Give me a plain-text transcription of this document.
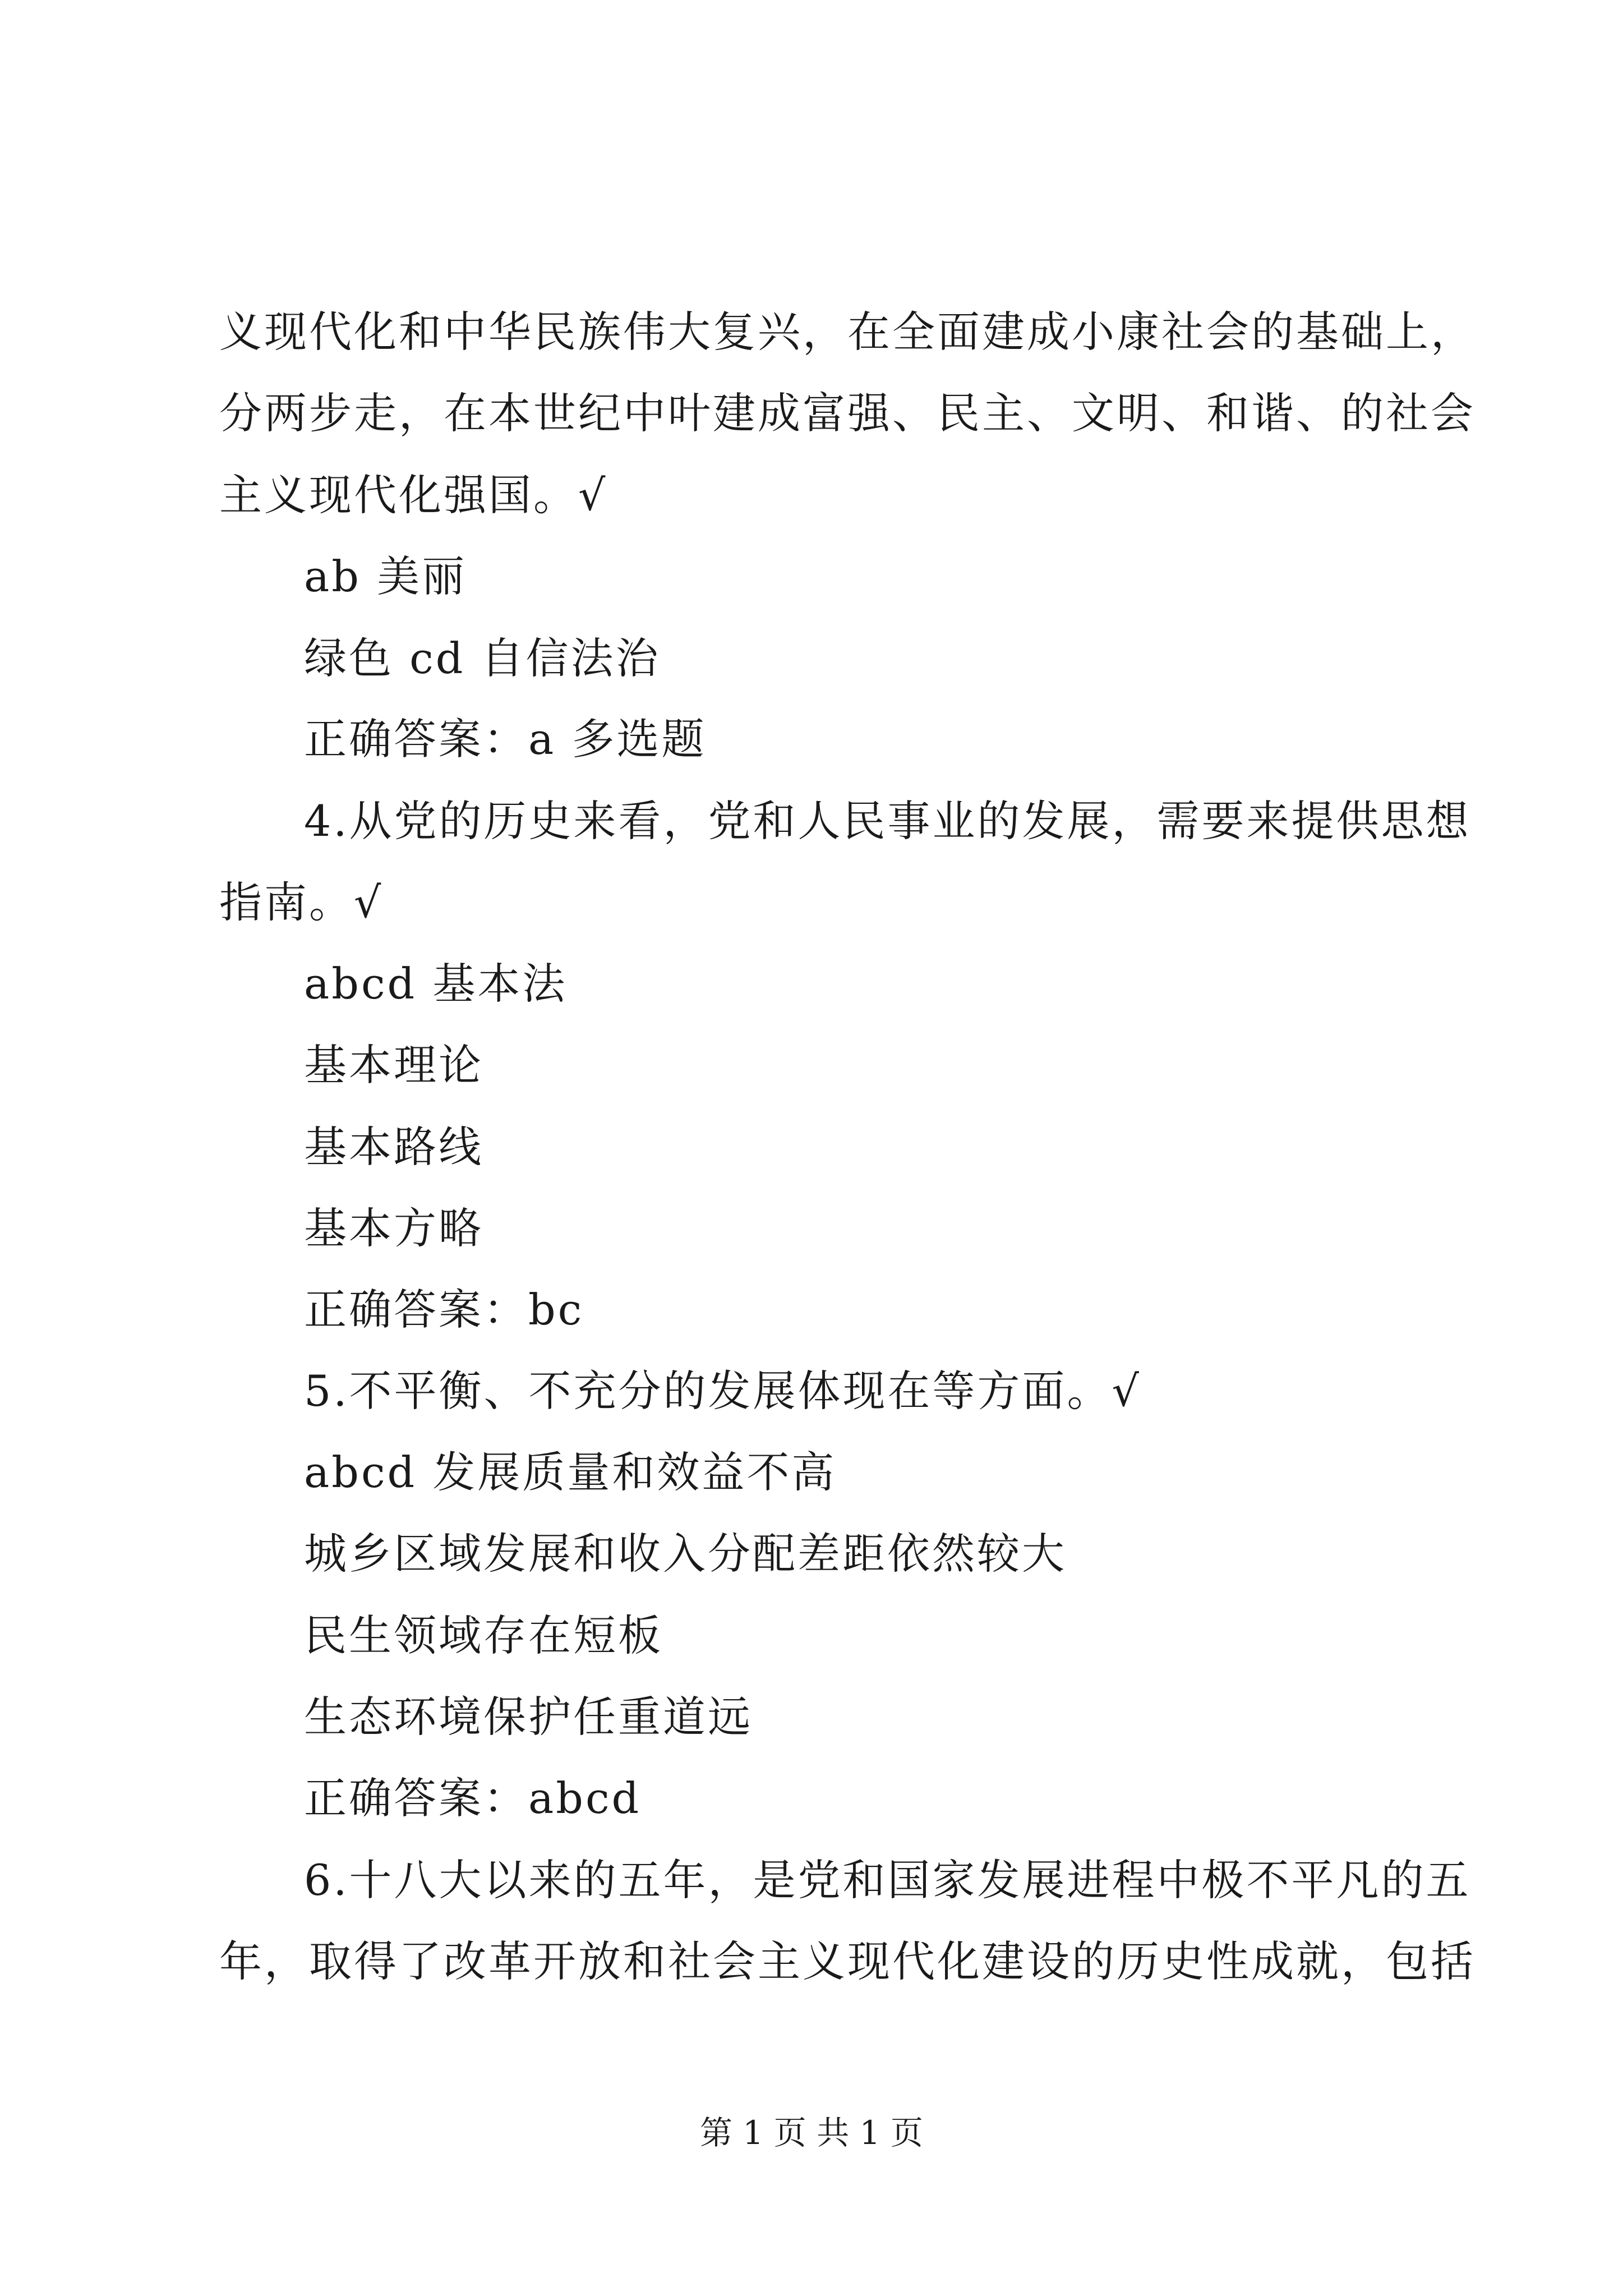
义现代化和中华民族伟大复兴，在全面建成小康社会的基础上，
分两步走，在本世纪中叶建成富强、民主、文明、和谐、的社会
主义现代化强国。√
ab 美丽
绿色 cd 自信法治
正确答案：a 多选题
4.从党的历史来看，党和人民事业的发展，需要来提供思想
指南。√
abcd 基本法
基本理论
基本路线
基本方略
正确答案：bc
5.不平衡、不充分的发展体现在等方面。√
abcd 发展质量和效益不高
城乡区域发展和收入分配差距依然较大
民生领域存在短板
生态环境保护任重道远
正确答案：abcd
6.十八大以来的五年，是党和国家发展进程中极不平凡的五
年，取得了改革开放和社会主义现代化建设的历史性成就，包括
第 1 页 共 1 页
